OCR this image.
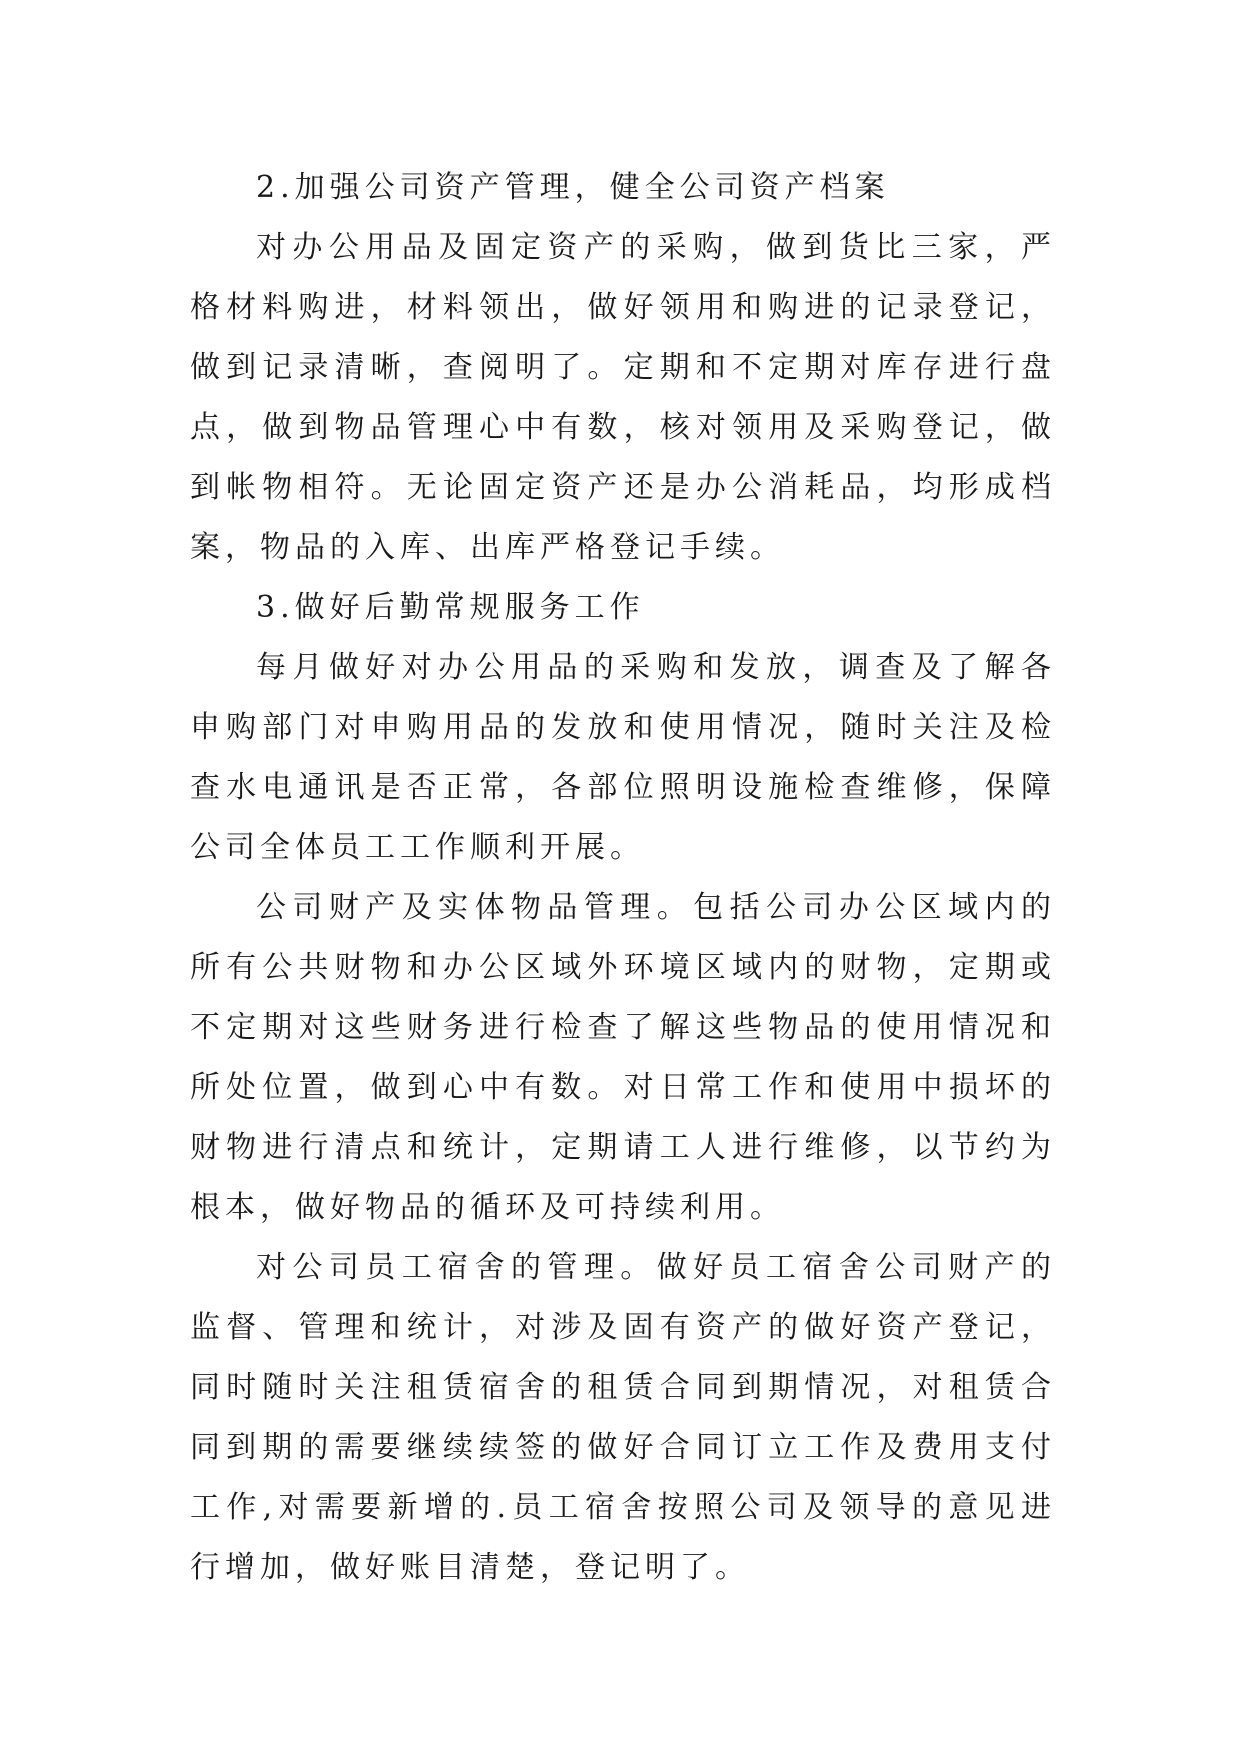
2.加强公司资产管理，健全公司资产档案

对办公用品及固定资产的采购，做到货比三家，严格材料购进，材料领出，做好领用和购进的记录登记，做到记录清晰，查阅明了。定期和不定期对库存进行盘点，做到物品管理心中有数，核对领用及采购登记，做到帐物相符。无论固定资产还是办公消耗品，均形成档案，物品的入库、出库严格登记手续。

3.做好后勤常规服务工作

每月做好对办公用品的采购和发放，调查及了解各申购部门对申购用品的发放和使用情况，随时关注及检查水电通讯是否正常，各部位照明设施检查维修，保障公司全体员工工作顺利开展。

公司财产及实体物品管理。包括公司办公区域内的所有公共财物和办公区域外环境区域内的财物，定期或不定期对这些财务进行检查了解这些物品的使用情况和所处位置，做到心中有数。对日常工作和使用中损坏的财物进行清点和统计，定期请工人进行维修，以节约为根本，做好物品的循环及可持续利用。

对公司员工宿舍的管理。做好员工宿舍公司财产的监督、管理和统计，对涉及固有资产的做好资产登记，同时随时关注租赁宿舍的租赁合同到期情况，对租赁合同到期的需要继续续签的做好合同订立工作及费用支付工作,对需要新增的.员工宿舍按照公司及领导的意见进行增加，做好账目清楚，登记明了。
